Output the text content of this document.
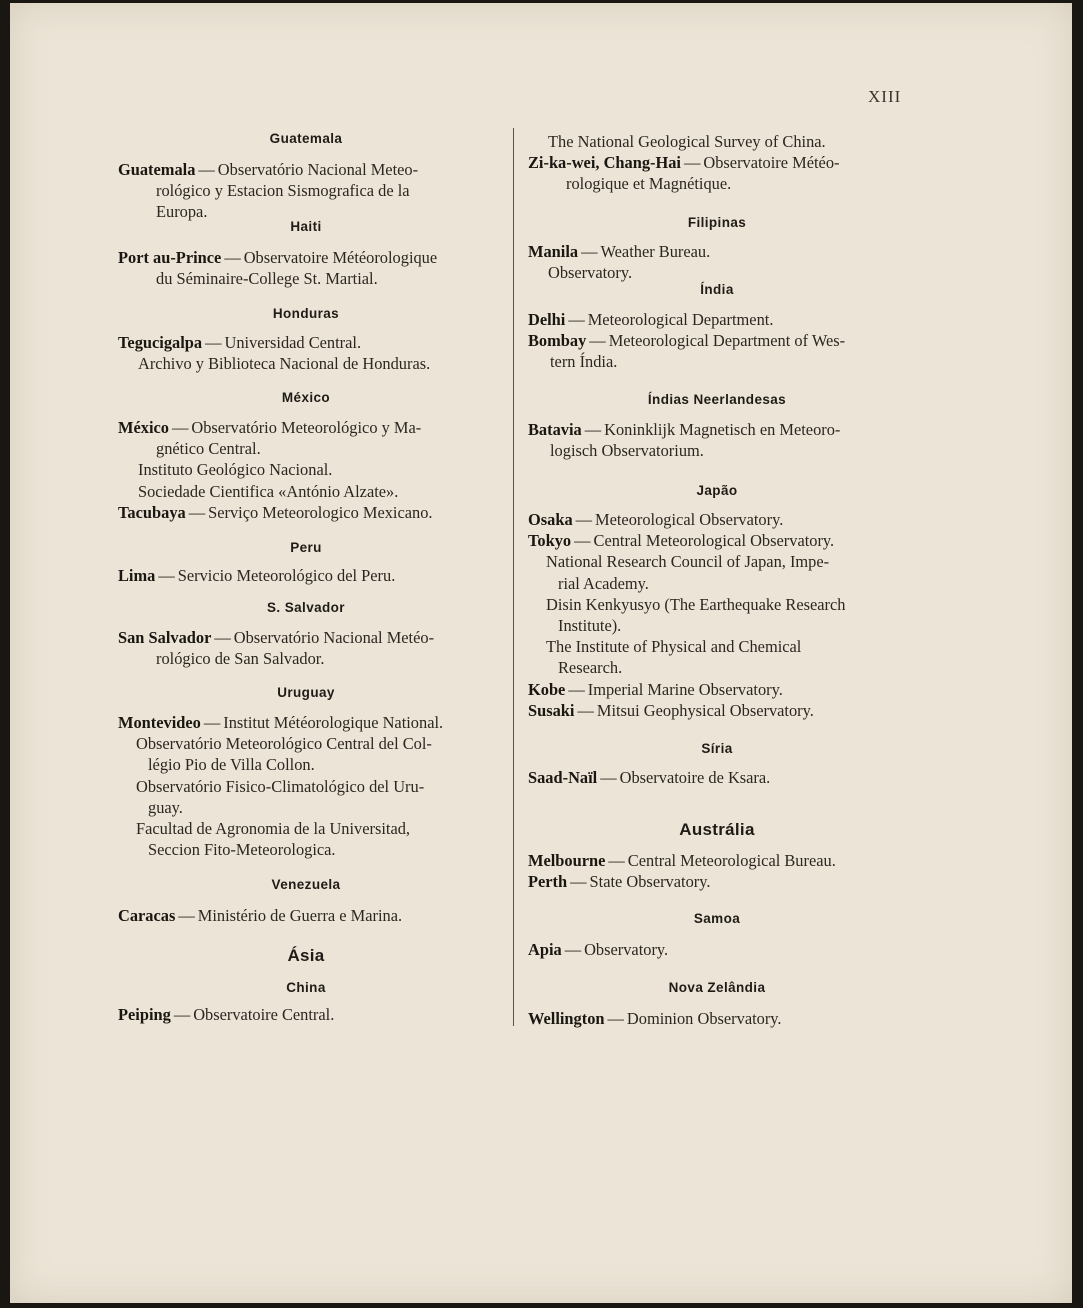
XIII
Guatemala
Guatemala — Observatório Nacional Meteo-
rológico y Estacion Sismografica de la
Europa.
Haiti
Port au-Prince — Observatoire Météorologique
du Séminaire-College St. Martial.
Honduras
Tegucigalpa — Universidad Central.
Archivo y Biblioteca Nacional de Honduras.
México
México — Observatório Meteorológico y Ma-
gnético Central.
Instituto Geológico Nacional.
Sociedade Cientifica «António Alzate».
Tacubaya — Serviço Meteorologico Mexicano.
Peru
Lima — Servicio Meteorológico del Peru.
S. Salvador
San Salvador — Observatório Nacional Metéo-
rológico de San Salvador.
Uruguay
Montevideo — Institut Météorologique National.
Observatório Meteorológico Central del Col-
légio Pio de Villa Collon.
Observatório Fisico-Climatológico del Uru-
guay.
Facultad de Agronomia de la Universitad,
Seccion Fito-Meteorologica.
Venezuela
Caracas — Ministério de Guerra e Marina.
Ásia
China
Peiping — Observatoire Central.
The National Geological Survey of China.
Zi-ka-wei, Chang-Hai — Observatoire Météo-
rologique et Magnétique.
Filipinas
Manila — Weather Bureau.
Observatory.
Índia
Delhi — Meteorological Department.
Bombay — Meteorological Department of Wes-
tern Índia.
Índias Neerlandesas
Batavia — Koninklijk Magnetisch en Meteoro-
logisch Observatorium.
Japão
Osaka — Meteorological Observatory.
Tokyo — Central Meteorological Observatory.
National Research Council of Japan, Impe-
rial Academy.
Disin Kenkyusyo (The Earthequake Research
Institute).
The Institute of Physical and Chemical
Research.
Kobe — Imperial Marine Observatory.
Susaki — Mitsui Geophysical Observatory.
Síria
Saad-Naïl — Observatoire de Ksara.
Austrália
Melbourne — Central Meteorological Bureau.
Perth — State Observatory.
Samoa
Apia — Observatory.
Nova Zelândia
Wellington — Dominion Observatory.
